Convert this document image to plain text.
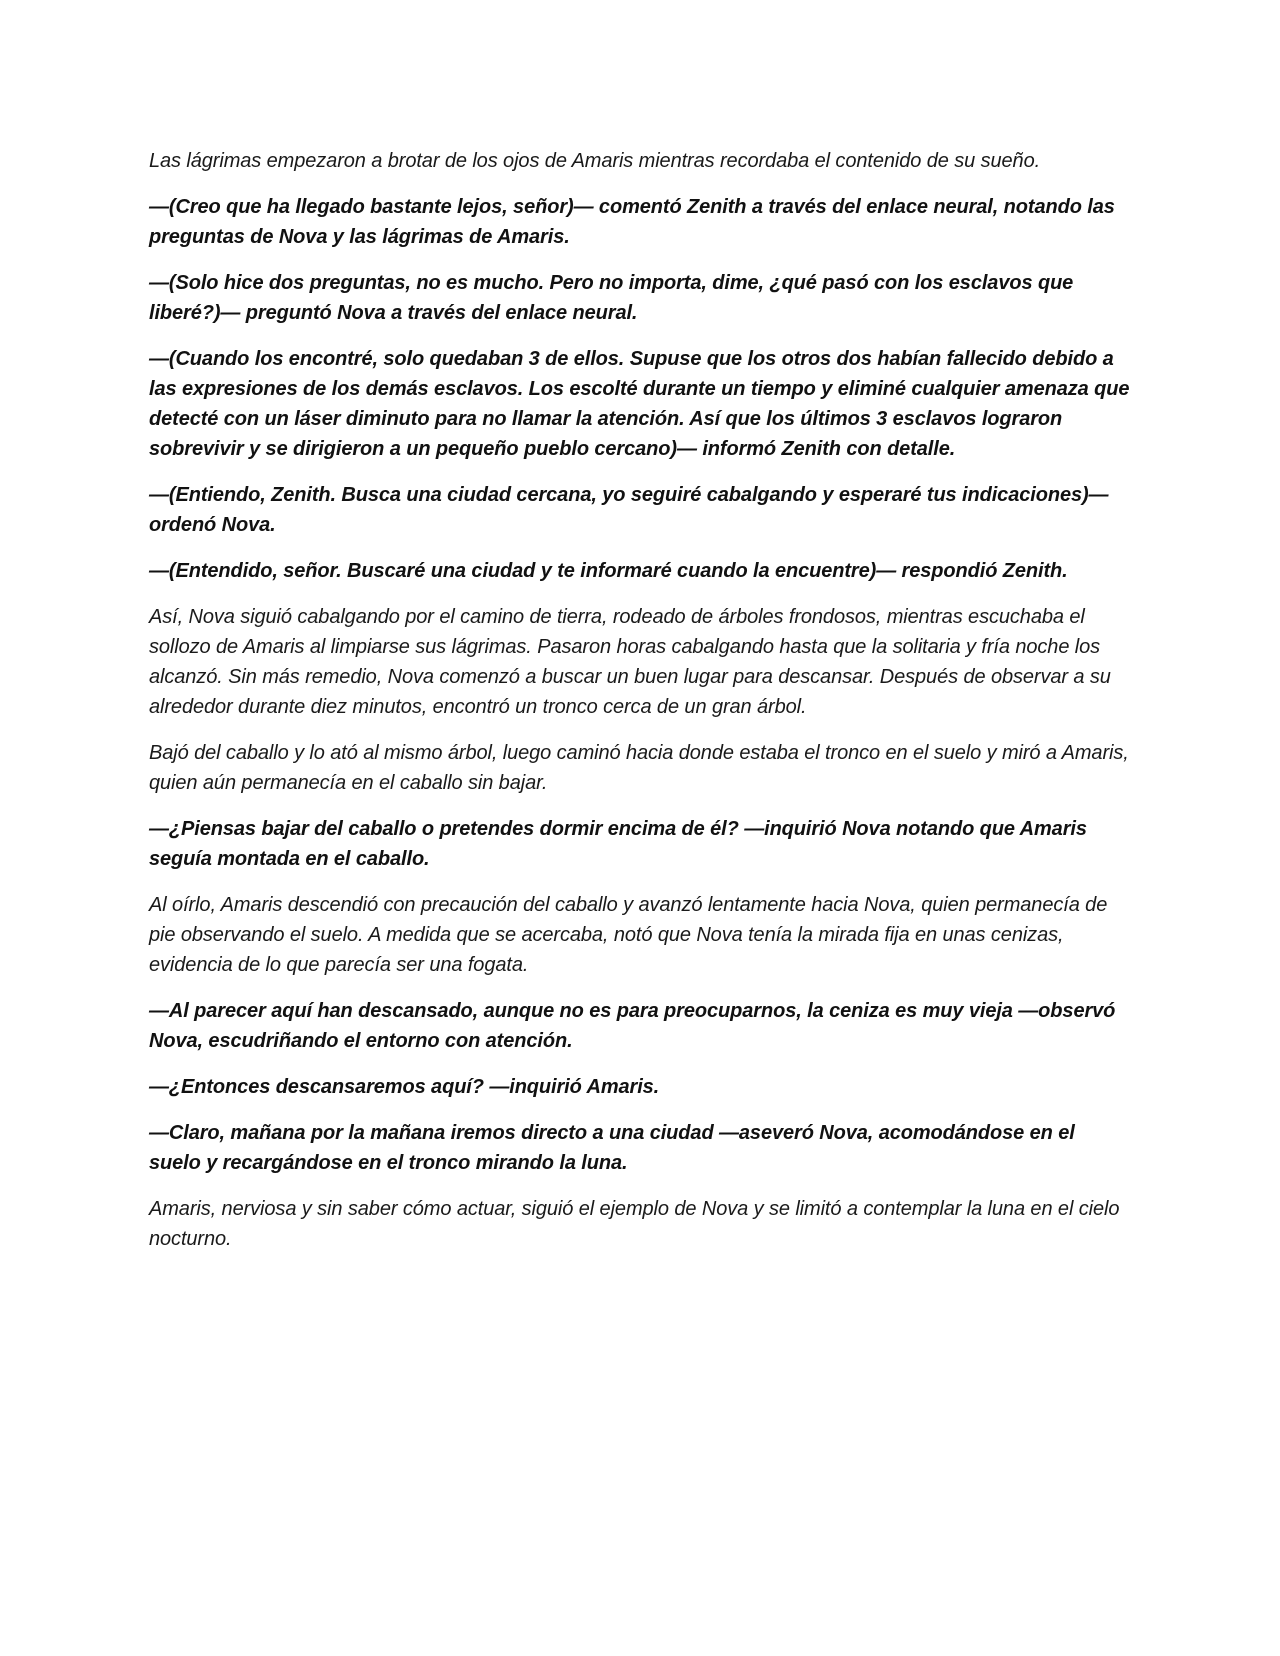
Las lágrimas empezaron a brotar de los ojos de Amaris mientras recordaba el contenido de su sueño.

—(Creo que ha llegado bastante lejos, señor)— comentó Zenith a través del enlace neural, notando las preguntas de Nova y las lágrimas de Amaris.

—(Solo hice dos preguntas, no es mucho. Pero no importa, dime, ¿qué pasó con los esclavos que liberé?)— preguntó Nova a través del enlace neural.

—(Cuando los encontré, solo quedaban 3 de ellos. Supuse que los otros dos habían fallecido debido a las expresiones de los demás esclavos. Los escolté durante un tiempo y eliminé cualquier amenaza que detecté con un láser diminuto para no llamar la atención. Así que los últimos 3 esclavos lograron sobrevivir y se dirigieron a un pequeño pueblo cercano)— informó Zenith con detalle.

—(Entiendo, Zenith. Busca una ciudad cercana, yo seguiré cabalgando y esperaré tus indicaciones)— ordenó Nova.

—(Entendido, señor. Buscaré una ciudad y te informaré cuando la encuentre)— respondió Zenith.

Así, Nova siguió cabalgando por el camino de tierra, rodeado de árboles frondosos, mientras escuchaba el sollozo de Amaris al limpiarse sus lágrimas. Pasaron horas cabalgando hasta que la solitaria y fría noche los alcanzó. Sin más remedio, Nova comenzó a buscar un buen lugar para descansar. Después de observar a su alrededor durante diez minutos, encontró un tronco cerca de un gran árbol.

Bajó del caballo y lo ató al mismo árbol, luego caminó hacia donde estaba el tronco en el suelo y miró a Amaris, quien aún permanecía en el caballo sin bajar.

—¿Piensas bajar del caballo o pretendes dormir encima de él? —inquirió Nova notando que Amaris seguía montada en el caballo.

Al oírlo, Amaris descendió con precaución del caballo y avanzó lentamente hacia Nova, quien permanecía de pie observando el suelo. A medida que se acercaba, notó que Nova tenía la mirada fija en unas cenizas, evidencia de lo que parecía ser una fogata.

—Al parecer aquí han descansado, aunque no es para preocuparnos, la ceniza es muy vieja —observó Nova, escudriñando el entorno con atención.

—¿Entonces descansaremos aquí? —inquirió Amaris.

—Claro, mañana por la mañana iremos directo a una ciudad —aseveró Nova, acomodándose en el suelo y recargándose en el tronco mirando la luna.

Amaris, nerviosa y sin saber cómo actuar, siguió el ejemplo de Nova y se limitó a contemplar la luna en el cielo nocturno.
